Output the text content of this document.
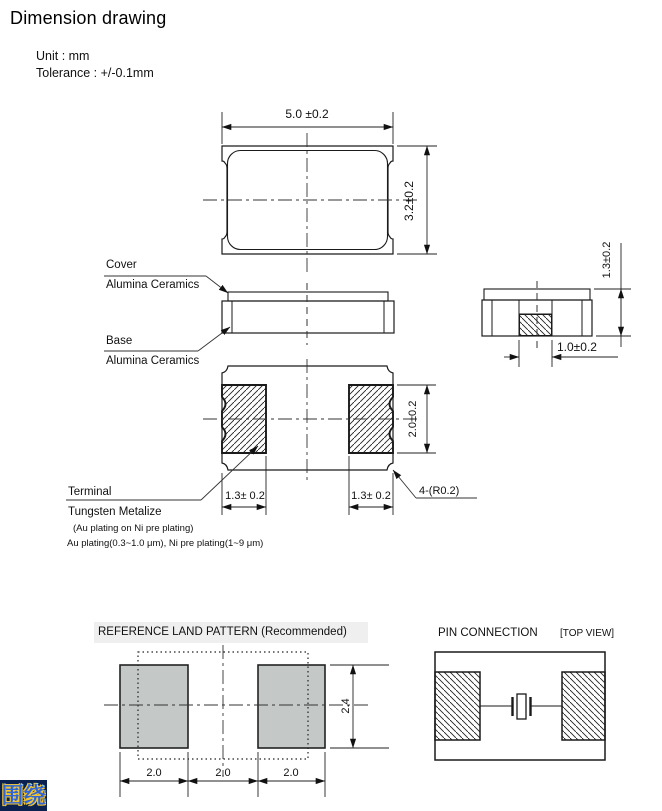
Dimension drawing
Unit : mm
Tolerance : +/-0.1mm
5.0 ±0.2
3.2±0.2
Cover
Alumina Ceramics
Base
Alumina Ceramics
1.3±0.2
1.0±0.2
2.0±0.2
1.3± 0.2	1.3± 0.2	4-(R0.2)
Terminal
Tungsten Metalize
(Au plating on Ni pre plating)
Au plating(0.3~1.0 μm), Ni pre plating(1~9 μm)
REFERENCE LAND PATTERN (Recommended)
2.0	2.0	2.0
2.4
PIN CONNECTION [TOP VIEW]
围绕
